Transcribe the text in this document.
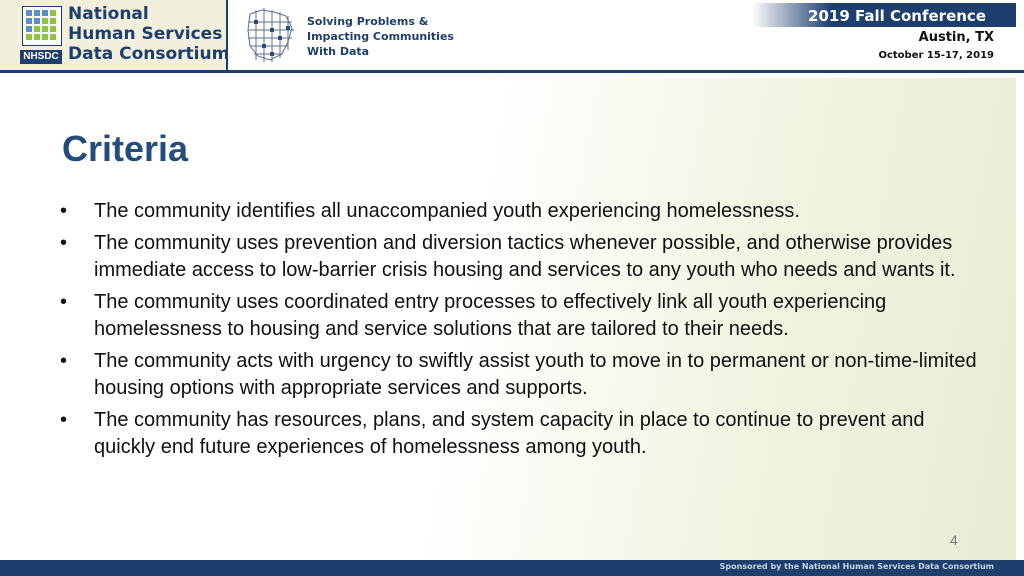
NHSDC
National
Human Services
Data Consortium
Solving Problems &
Impacting Communities
With Data
2019 Fall Conference
Austin, TX
October 15-17, 2019
Criteria
•	The community identifies all unaccompanied youth experiencing homelessness.
•	The community uses prevention and diversion tactics whenever possible, and otherwise provides immediate access to low-barrier crisis housing and services to any youth who needs and wants it.
•	The community uses coordinated entry processes to effectively link all youth experiencing homelessness to housing and service solutions that are tailored to their needs.
•	The community acts with urgency to swiftly assist youth to move in to permanent or non-time-limited housing options with appropriate services and supports.
•	The community has resources, plans, and system capacity in place to continue to prevent and quickly end future experiences of homelessness among youth.
4
Sponsored by the National Human Services Data Consortium
